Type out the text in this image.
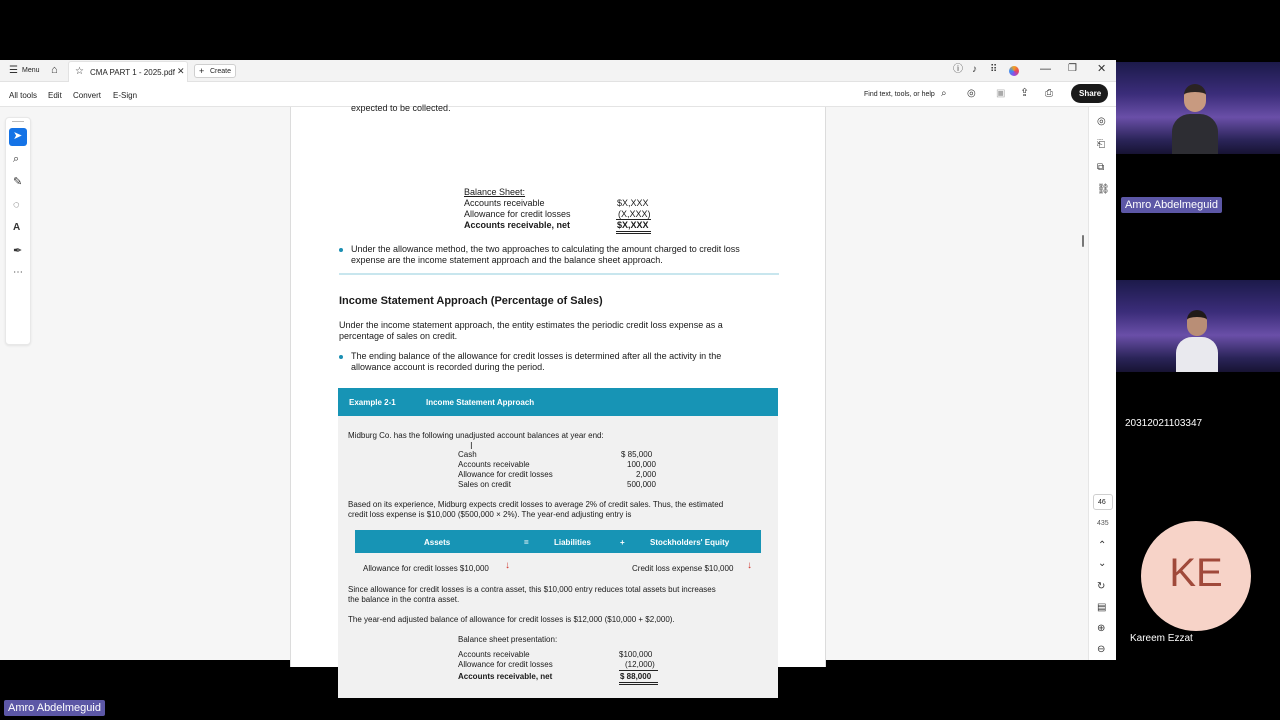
☰ Menu ⌂ ☆ CMA PART 1 - 2025.pdf ✕ + Create	ⓘ ♪ ⠿	— ❐ ✕
All tools Edit Convert E-Sign	Find text, tools, or help ⌕ ◎ ▣ ⇪ ⎙	Share
expected to be collected.
Balance Sheet:
Accounts receivable	$X,XXX
Allowance for credit losses	(X,XXX)
Accounts receivable, net	$X,XXX
Under the allowance method, the two approaches to calculating the amount charged to credit loss
expense are the income statement approach and the balance sheet approach.
Income Statement Approach (Percentage of Sales)
Under the income statement approach, the entity estimates the periodic credit loss expense as a
percentage of sales on credit.
The ending balance of the allowance for credit losses is determined after all the activity in the
allowance account is recorded during the period.
Example 2-1	Income Statement Approach
Midburg Co. has the following unadjusted account balances at year end:
Cash	$ 85,000
Accounts receivable	100,000
Allowance for credit losses	2,000
Sales on credit	500,000
Based on its experience, Midburg expects credit losses to average 2% of credit sales. Thus, the estimated
credit loss expense is $10,000 ($500,000 × 2%). The year-end adjusting entry is
Assets	=	Liabilities	+	Stockholders' Equity
Allowance for credit losses $10,000 ↓	Credit loss expense $10,000 ↓
Since allowance for credit losses is a contra asset, this $10,000 entry reduces total assets but increases
the balance in the contra asset.
The year-end adjusted balance of allowance for credit losses is $12,000 ($10,000 + $2,000).
Balance sheet presentation:
Accounts receivable	$100,000
Allowance for credit losses	(12,000)
Accounts receivable, net	$ 88,000
I
➤
⌕
✎
◌
A
✒
⋯
◎
⎗
⧉
⛓
46
435
⌃
⌄
↻
▤
⊕
⊖
Amro Abdelmeguid
20312021103347
KE
Kareem Ezzat
Amro Abdelmeguid
